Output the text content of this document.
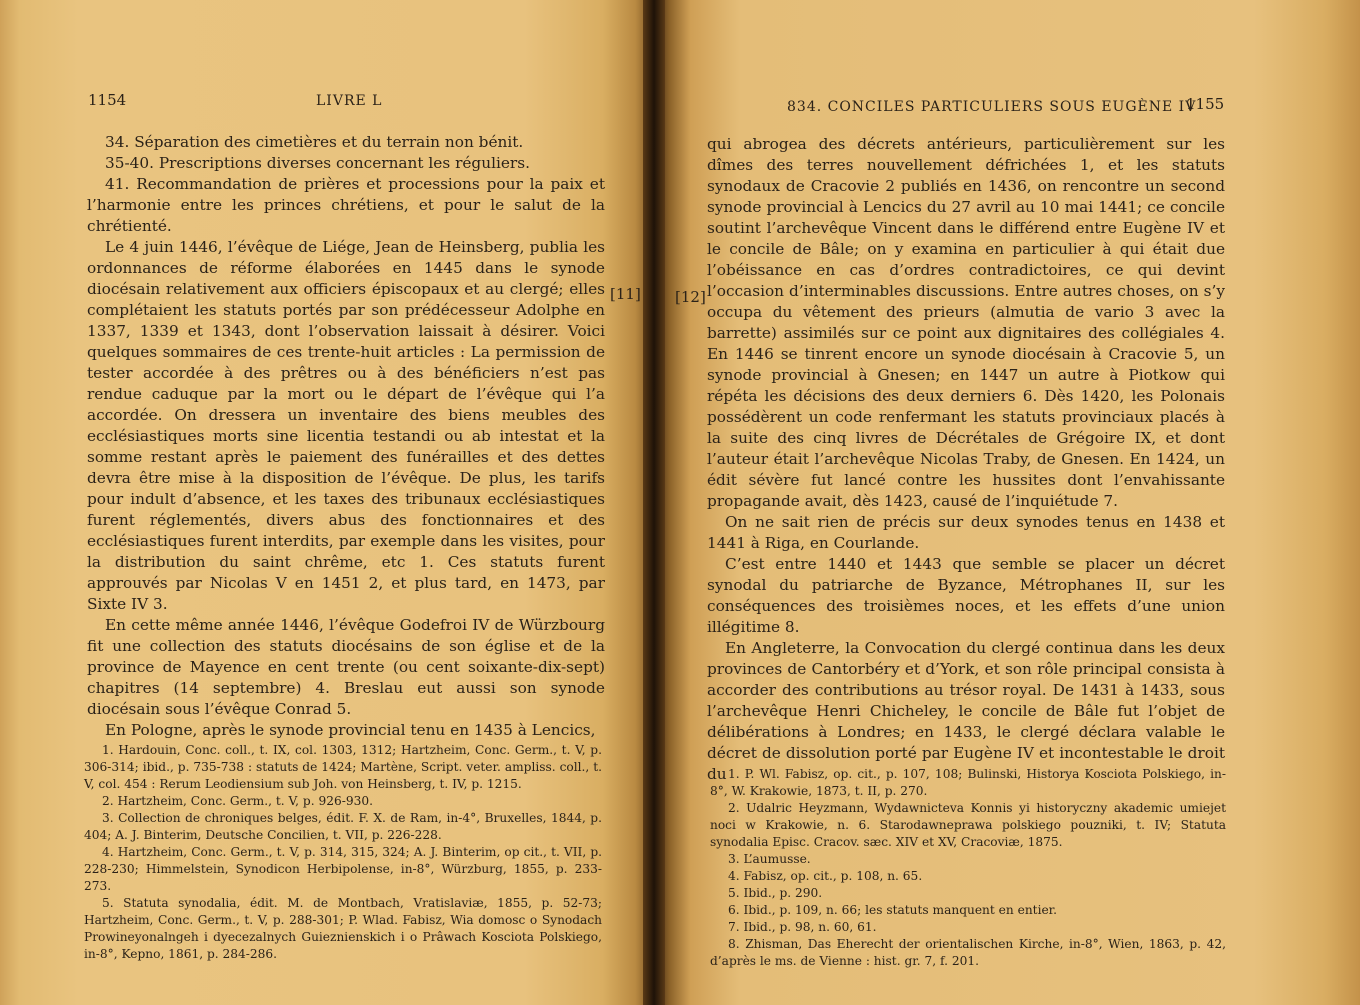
1154	LIVRE L

34. Séparation des cimetières et du terrain non bénit.

35-40. Prescriptions diverses concernant les réguliers.

41. Recommandation de prières et processions pour la paix et l’harmonie entre les princes chrétiens, et pour le salut de la chrétienté.

Le 4 juin 1446, l’évêque de Liége, Jean de Heinsberg, publia les ordonnances de réforme élaborées en 1445 dans le synode diocésain relativement aux officiers épiscopaux et au clergé; elles complétaient les statuts portés par son prédécesseur Adolphe en 1337, 1339 et 1343, dont l’observation laissait à désirer. Voici quelques sommaires de ces trente-huit articles : La permission de tester accordée à des prêtres ou à des bénéficiers n’est pas rendue caduque par la mort ou le départ de l’évêque qui l’a accordée. On dressera un inventaire des biens meubles des ecclésiastiques morts sine licentia testandi ou ab intestat et la somme restant après le paiement des funérailles et des dettes devra être mise à la disposition de l’évêque. De plus, les tarifs pour indult d’absence, et les taxes des tribunaux ecclésiastiques furent réglementés, divers abus des fonctionnaires et des ecclésiastiques furent interdits, par exemple dans les visites, pour la distribution du saint chrême, etc 1. Ces statuts furent approuvés par Nicolas V en 1451 2, et plus tard, en 1473, par Sixte IV 3.

En cette même année 1446, l’évêque Godefroi IV de Würzbourg fit une collection des statuts diocésains de son église et de la province de Mayence en cent trente (ou cent soixante-dix-sept) chapitres (14 septembre) 4. Breslau eut aussi son synode diocésain sous l’évêque Conrad 5.

En Pologne, après le synode provincial tenu en 1435 à Lencics,

[11]

1. Hardouin, Conc. coll., t. IX, col. 1303, 1312; Hartzheim, Conc. Germ., t. V, p. 306-314; ibid., p. 735-738 : statuts de 1424; Martène, Script. veter. ampliss. coll., t. V, col. 454 : Rerum Leodiensium sub Joh. von Heinsberg, t. IV, p. 1215.

2. Hartzheim, Conc. Germ., t. V, p. 926-930.

3. Collection de chroniques belges, édit. F. X. de Ram, in-4°, Bruxelles, 1844, p. 404; A. J. Binterim, Deutsche Concilien, t. VII, p. 226-228.

4. Hartzheim, Conc. Germ., t. V, p. 314, 315, 324; A. J. Binterim, op cit., t. VII, p. 228-230; Himmelstein, Synodicon Herbipolense, in-8°, Würzburg, 1855, p. 233-273.

5. Statuta synodalia, édit. M. de Montbach, Vratislaviæ, 1855, p. 52-73; Hartzheim, Conc. Germ., t. V, p. 288-301; P. Wlad. Fabisz, Wia domosc o Synodach Prowineyonalngeh i dyecezalnych Guieznienskich i o Prâwach Kosciota Polskiego, in-8°, Kepno, 1861, p. 284-286.

834. CONCILES PARTICULIERS SOUS EUGÈNE IV
1155
[12]

qui abrogea des décrets antérieurs, particulièrement sur les dîmes des terres nouvellement défrichées 1, et les statuts synodaux de Cracovie 2 publiés en 1436, on rencontre un second synode provincial à Lencics du 27 avril au 10 mai 1441; ce concile soutint l’archevêque Vincent dans le différend entre Eugène IV et le concile de Bâle; on y examina en particulier à qui était due l’obéissance en cas d’ordres contradictoires, ce qui devint l’occasion d’interminables discussions. Entre autres choses, on s’y occupa du vêtement des prieurs (almutia de vario 3 avec la barrette) assimilés sur ce point aux dignitaires des collégiales 4. En 1446 se tinrent encore un synode diocésain à Cracovie 5, un synode provincial à Gnesen; en 1447 un autre à Piotkow qui répéta les décisions des deux derniers 6. Dès 1420, les Polonais possédèrent un code renfermant les statuts provinciaux placés à la suite des cinq livres de Décrétales de Grégoire IX, et dont l’auteur était l’archevêque Nicolas Traby, de Gnesen. En 1424, un édit sévère fut lancé contre les hussites dont l’envahissante propagande avait, dès 1423, causé de l’inquiétude 7.

On ne sait rien de précis sur deux synodes tenus en 1438 et 1441 à Riga, en Courlande.

C’est entre 1440 et 1443 que semble se placer un décret synodal du patriarche de Byzance, Métrophanes II, sur les conséquences des troisièmes noces, et les effets d’une union illégitime 8.

En Angleterre, la Convocation du clergé continua dans les deux provinces de Cantorbéry et d’York, et son rôle principal consista à accorder des contributions au trésor royal. De 1431 à 1433, sous l’archevêque Henri Chicheley, le concile de Bâle fut l’objet de délibérations à Londres; en 1433, le clergé déclara valable le décret de dissolution porté par Eugène IV et incontestable le droit du 1. P. Wl. Fabisz, op. cit., p. 107, 108; Bulinski, Historya Kosciota Polskiego, in-8°, W. Krakowie, 1873, t. II, p. 270.

2. Udalric Heyzmann, Wydawnicteva Konnis yi historyczny akademic umiejet noci w Krakowie, n. 6. Starodawneprawa polskiego pouzniki, t. IV; Statuta synodalia Episc. Cracov. sæc. XIV et XV, Cracoviæ, 1875.

3. L’aumusse.

4. Fabisz, op. cit., p. 108, n. 65.

5. Ibid., p. 290.

6. Ibid., p. 109, n. 66; les statuts manquent en entier.

7. Ibid., p. 98, n. 60, 61.

8. Zhisman, Das Eherecht der orientalischen Kirche, in-8°, Wien, 1863, p. 42, d’après le ms. de Vienne : hist. gr. 7, f. 201.
